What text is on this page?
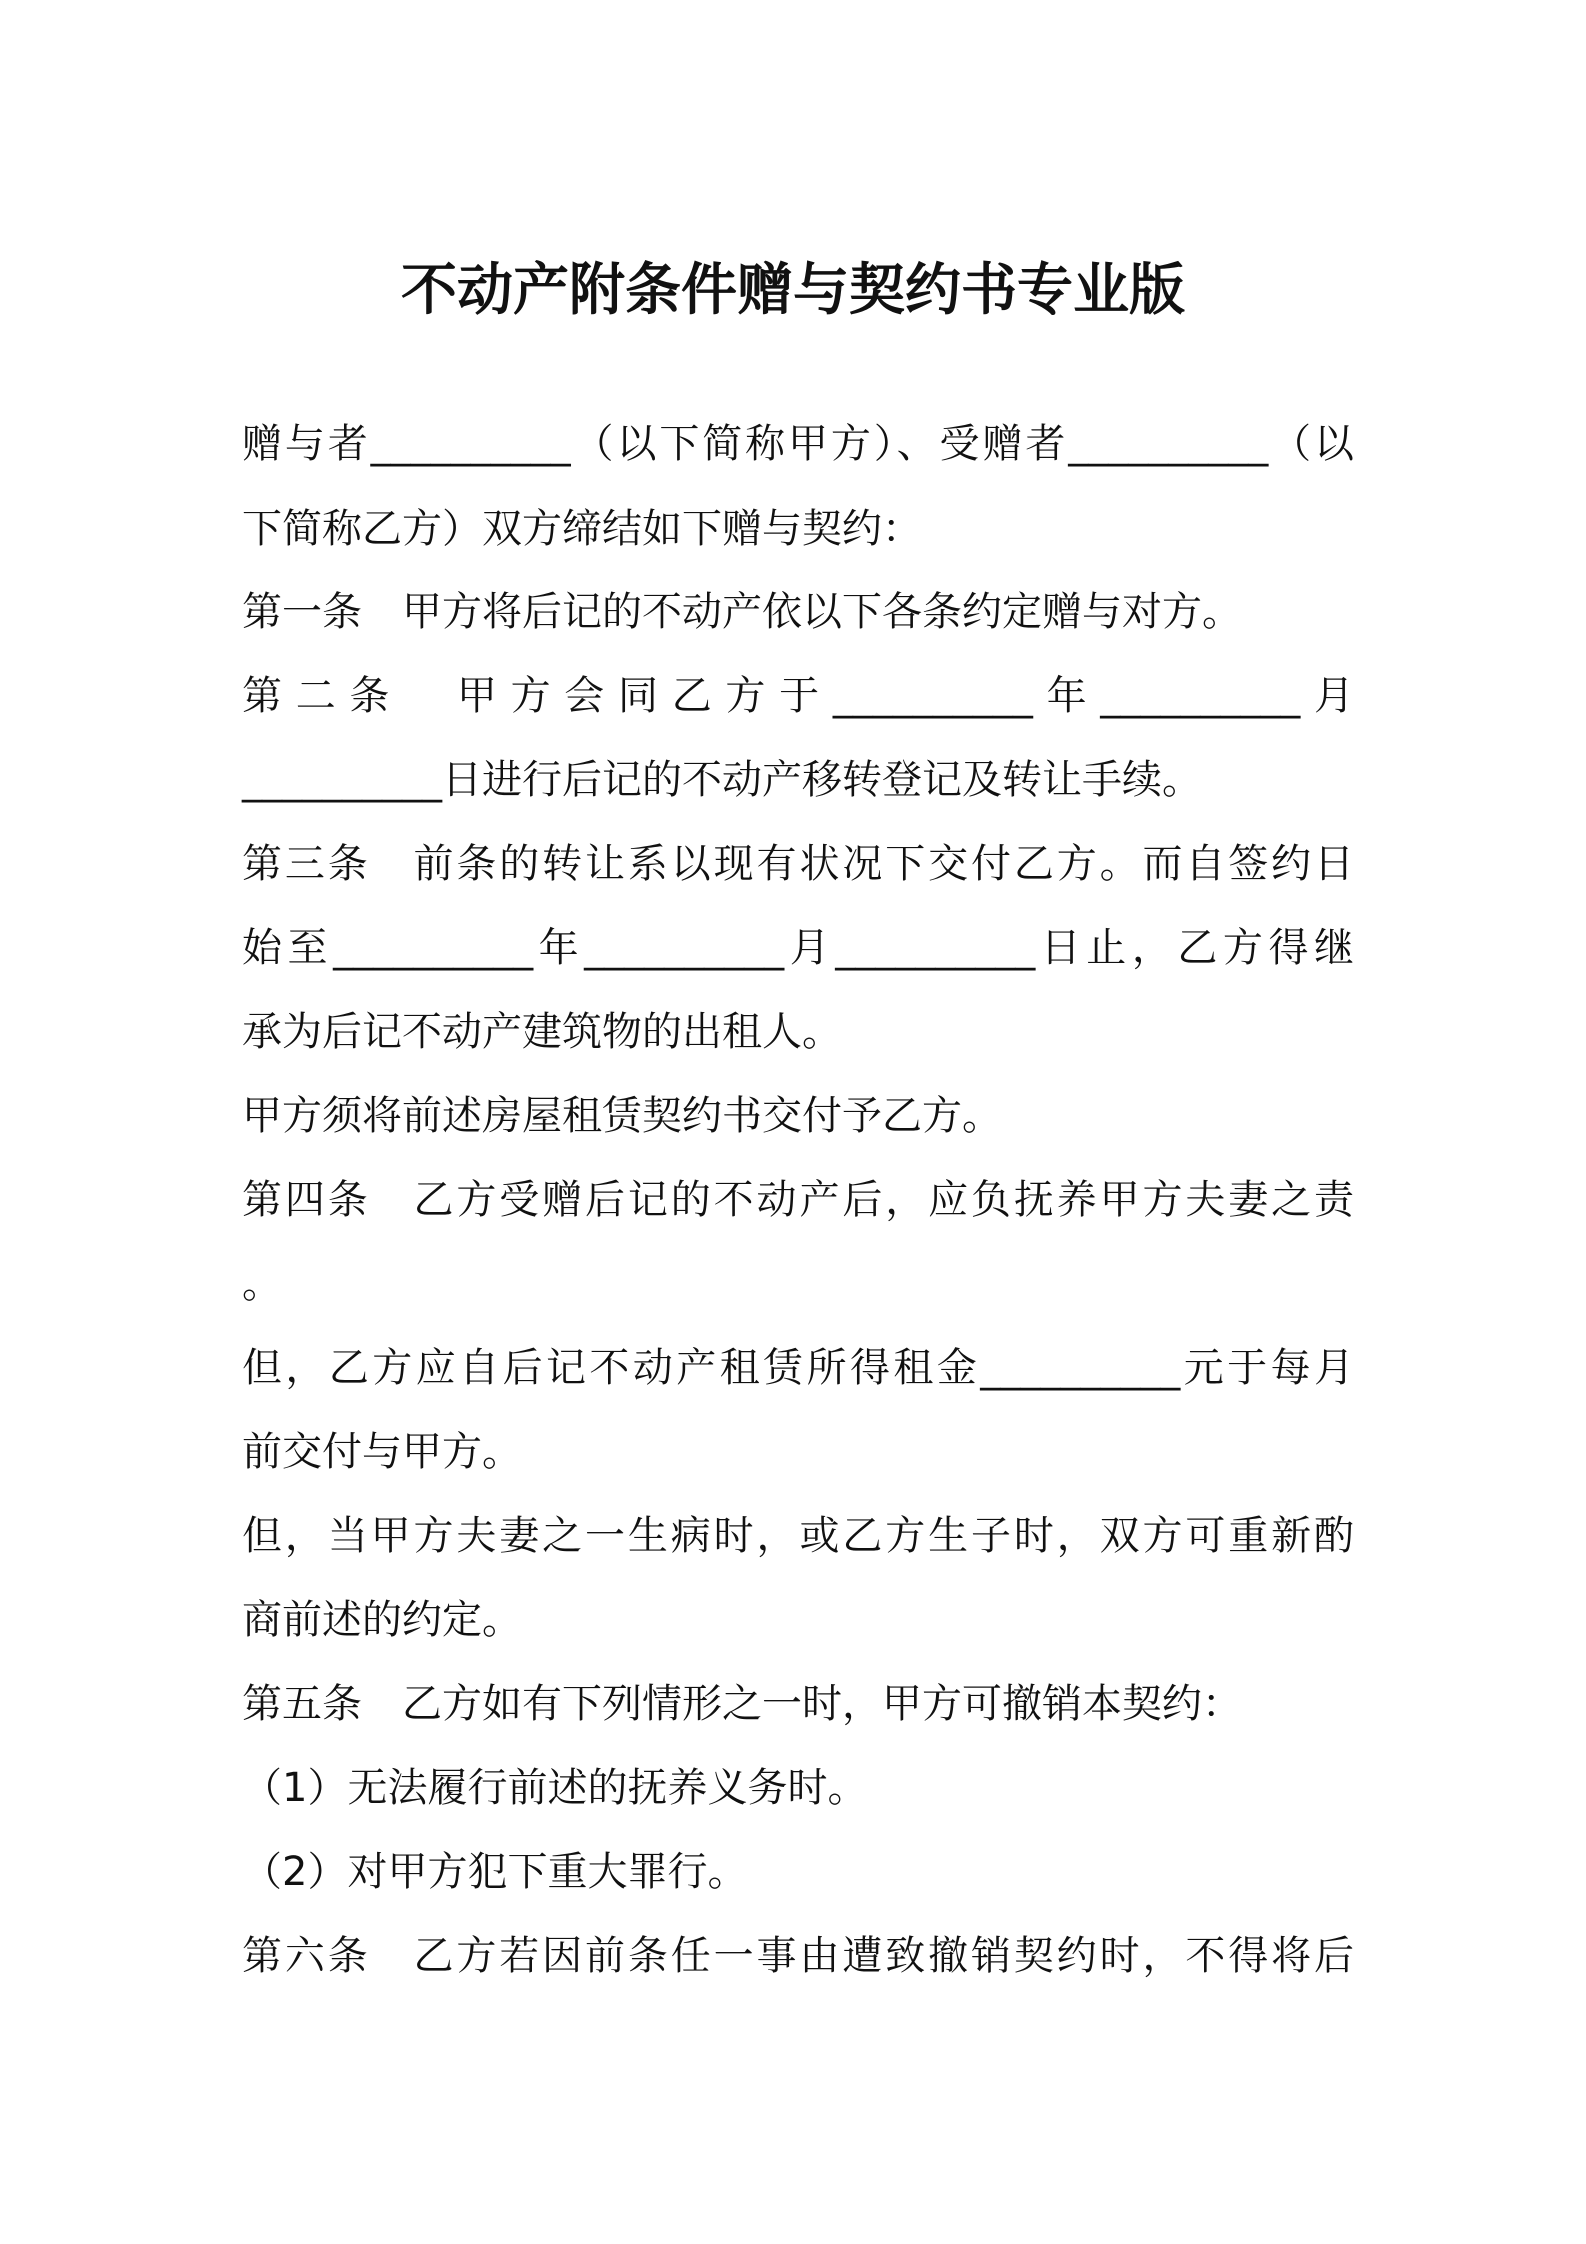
不动产附条件赠与契约书专业版
赠与者__________（以下简称甲方）、受赠者__________（以
下简称乙方）双方缔结如下赠与契约：
第一条　甲方将后记的不动产依以下各条约定赠与对方。
第二条　甲方会同乙方于__________年__________月
__________日进行后记的不动产移转登记及转让手续。
第三条　前条的转让系以现有状况下交付乙方。而自签约日
始至__________年__________月__________日止，乙方得继
承为后记不动产建筑物的出租人。
甲方须将前述房屋租赁契约书交付予乙方。
第四条　乙方受赠后记的不动产后，应负抚养甲方夫妻之责
。
但，乙方应自后记不动产租赁所得租金__________元于每月
前交付与甲方。
但，当甲方夫妻之一生病时，或乙方生子时，双方可重新酌
商前述的约定。
第五条　乙方如有下列情形之一时，甲方可撤销本契约：
（1）无法履行前述的抚养义务时。
（2）对甲方犯下重大罪行。
第六条　乙方若因前条任一事由遭致撤销契约时，不得将后
